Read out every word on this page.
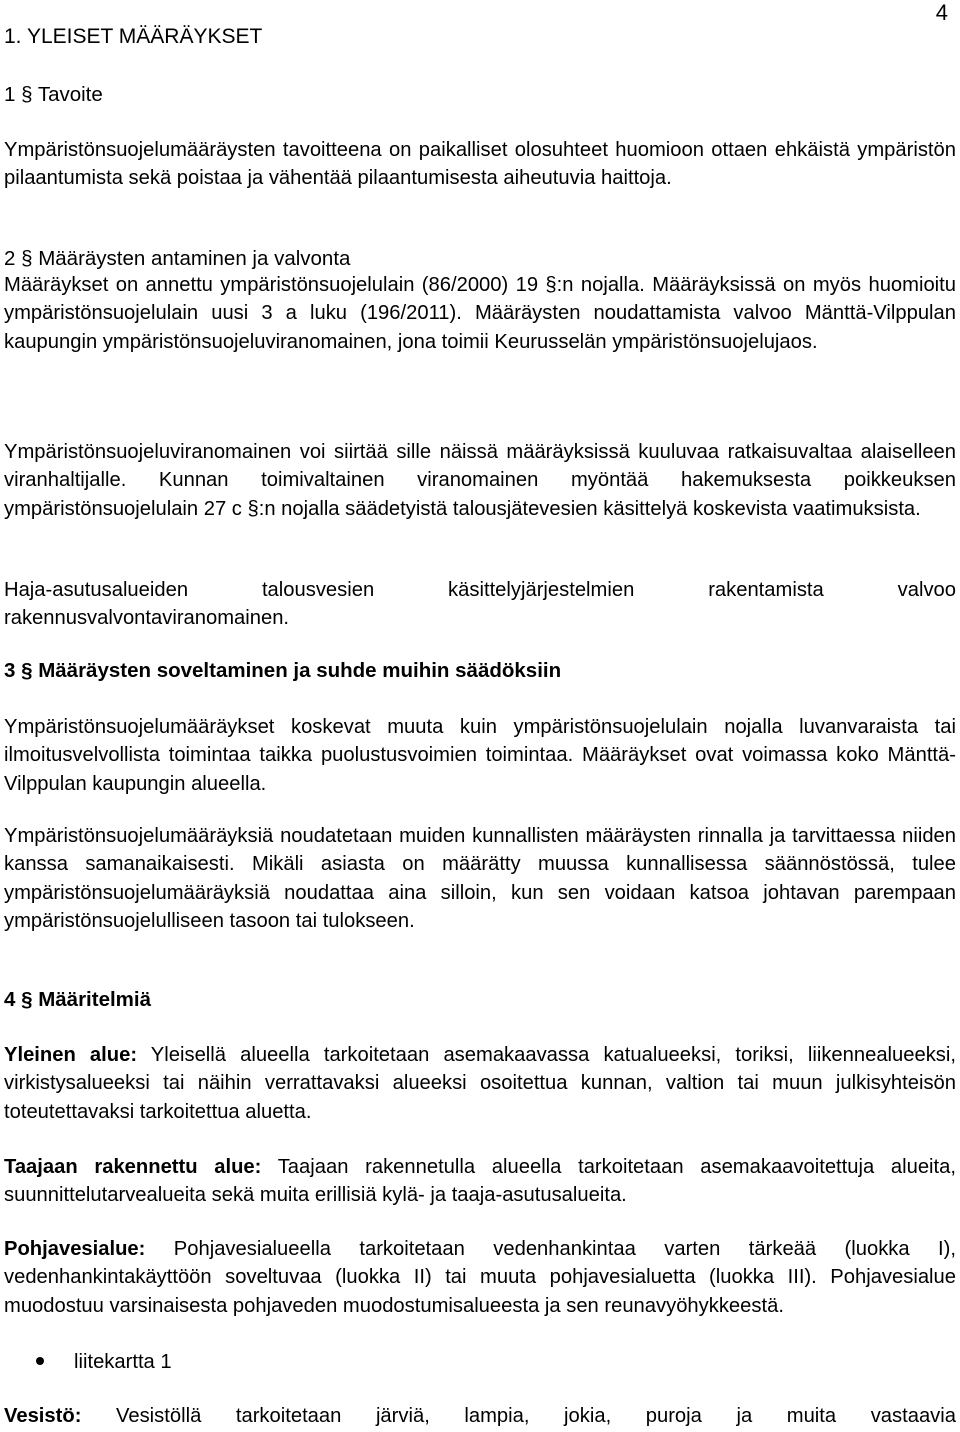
4
1. YLEISET MÄÄRÄYKSET
1 § Tavoite

Ympäristönsuojelumääräysten tavoitteena on paikalliset olosuhteet huomioon ottaen ehkäistä ympäristön pilaantumista sekä poistaa ja vähentää pilaantumisesta aiheutuvia haittoja.

2 § Määräysten antaminen ja valvonta

Määräykset on annettu ympäristönsuojelulain (86/2000) 19 §:n nojalla. Määräyksissä on myös huomioitu ympäristönsuojelulain uusi 3 a luku (196/2011). Määräysten noudattamista valvoo Mänttä-Vilppulan kaupungin ympäristönsuojeluviranomainen, jona toimii Keurusselän ympäristönsuojelujaos.

Ympäristönsuojeluviranomainen voi siirtää sille näissä määräyksissä kuuluvaa ratkaisuvaltaa alaiselleen viranhaltijalle. Kunnan toimivaltainen viranomainen myöntää hakemuksesta poikkeuksen ympäristönsuojelulain 27 c §:n nojalla säädetyistä talousjätevesien käsittelyä koskevista vaatimuksista.

Haja-asutusalueiden talousvesien käsittelyjärjestelmien rakentamista valvoo rakennusvalvontaviranomainen.

3 § Määräysten soveltaminen ja suhde muihin säädöksiin

Ympäristönsuojelumääräykset koskevat muuta kuin ympäristönsuojelulain nojalla luvanvaraista tai ilmoitusvelvollista toimintaa taikka puolustusvoimien toimintaa. Määräykset ovat voimassa koko Mänttä-Vilppulan kaupungin alueella.

Ympäristönsuojelumääräyksiä noudatetaan muiden kunnallisten määräysten rinnalla ja tarvittaessa niiden kanssa samanaikaisesti. Mikäli asiasta on määrätty muussa kunnallisessa säännöstössä, tulee ympäristönsuojelumääräyksiä noudattaa aina silloin, kun sen voidaan katsoa johtavan parempaan ympäristönsuojelulliseen tasoon tai tulokseen.

4 § Määritelmiä

Yleinen alue: Yleisellä alueella tarkoitetaan asemakaavassa katualueeksi, toriksi, liikennealueeksi, virkistysalueeksi tai näihin verrattavaksi alueeksi osoitettua kunnan, valtion tai muun julkisyhteisön toteutettavaksi tarkoitettua aluetta.

Taajaan rakennettu alue: Taajaan rakennetulla alueella tarkoitetaan asemakaavoitettuja alueita, suunnittelutarvealueita sekä muita erillisiä kylä- ja taaja-asutusalueita.

Pohjavesialue: Pohjavesialueella tarkoitetaan vedenhankintaa varten tärkeää (luokka I), vedenhankintakäyttöön soveltuvaa (luokka II) tai muuta pohjavesialuetta (luokka III). Pohjavesialue muodostuu varsinaisesta pohjaveden muodostumisalueesta ja sen reunavyöhykkeestä.

liitekartta 1

Vesistö: Vesistöllä tarkoitetaan järviä, lampia, jokia, puroja ja muita vastaavia
